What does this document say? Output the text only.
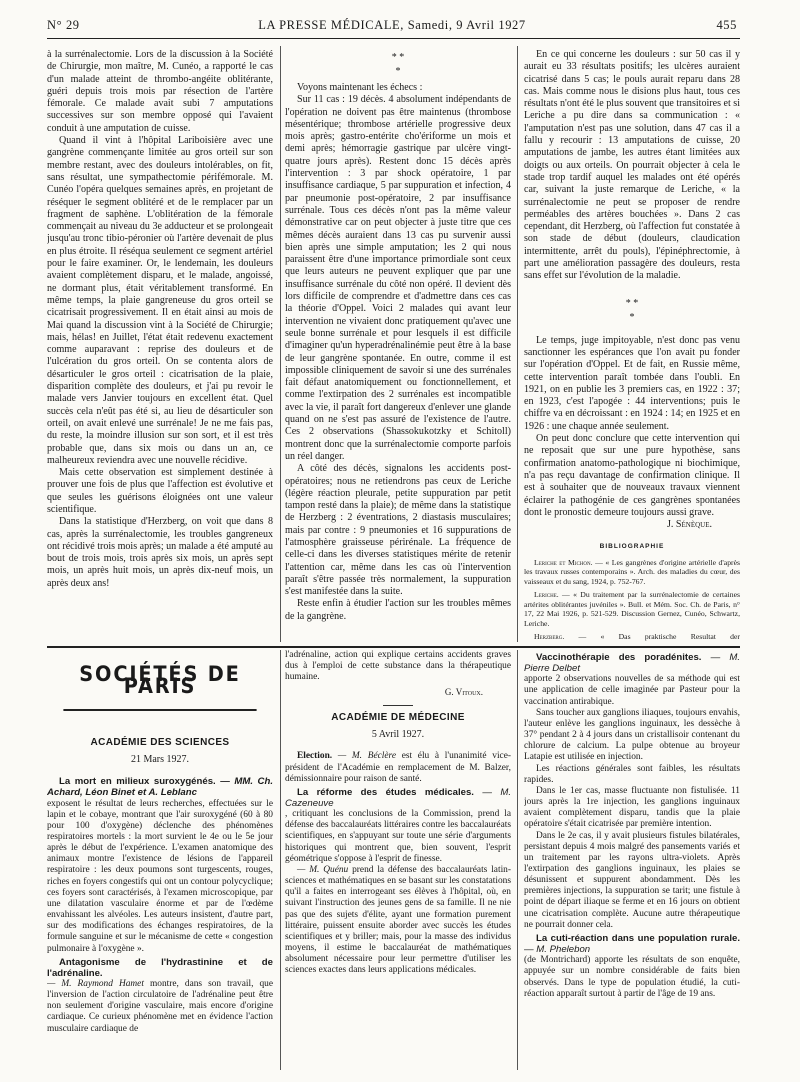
N° 29	LA PRESSE MÉDICALE, Samedi, 9 Avril 1927	455

à la surrénalectomie. Lors de la discussion à la Société de Chirurgie, mon maître, M. Cunéo, a rapporté le cas d'un malade atteint de thrombo-angéite oblitérante, guéri depuis trois mois par résection de l'artère fémorale. Ce malade avait subi 7 amputations successives sur son membre opposé qui l'avaient conduit à une amputation de cuisse.

Quand il vint à l'hôpital Lariboisière avec une gangrène commençante limitée au gros orteil sur son membre restant, avec des douleurs intolérables, on fit, sans résultat, une sympathectomie périfémorale. M. Cunéo l'opéra quelques semaines après, en projetant de réséquer le segment oblitéré et de le remplacer par un fragment de saphène. L'oblitération de la fémorale commençait au niveau du 3e adducteur et se prolongeait jusqu'au tronc tibio-péronier où l'artère devenait de plus en plus étroite. Il réséqua seulement ce segment artériel pour le faire examiner. Or, le lendemain, les douleurs avaient complètement disparu, et le malade, angoissé, ne dormant plus, était véritablement transformé. En même temps, la plaie gangreneuse du gros orteil se cicatrisait progressivement. Il en était ainsi au mois de Mai quand la discussion vint à la Société de Chirurgie; mais, hélas! en Juillet, l'état était redevenu exactement comme auparavant : reprise des douleurs et de l'ulcération du gros orteil. On se contenta alors de désarticuler le gros orteil : cicatrisation de la plaie, disparition complète des douleurs, et j'ai pu revoir le malade vers Janvier toujours en excellent état. Quel succès cela n'eût pas été si, au lieu de désarticuler son orteil, on avait enlevé une surrénale! Je ne me fais pas, du reste, la moindre illusion sur son sort, et il est très probable que, dans six mois ou dans un an, ce malheureux reviendra avec une nouvelle récidive.

Mais cette observation est simplement destinée à prouver une fois de plus que l'affection est évolutive et que seules les guérisons éloignées ont une valeur scientifique.

Dans la statistique d'Herzberg, on voit que dans 8 cas, après la surrénalectomie, les troubles gangreneux ont récidivé trois mois après; un malade a été amputé au bout de trois mois, trois après six mois, un après sept mois, un après huit mois, un après dix-neuf mois, un après deux ans!

* *
*

Voyons maintenant les échecs :

Sur 11 cas : 19 décès. 4 absolument indépendants de l'opération ne doivent pas être maintenus (thrombose mésentérique; thrombose artérielle progressive deux mois après; gastro-entérite cho'ériforme un mois et demi après; hémorragie gastrique par ulcère vingt-quatre jours après). Restent donc 15 décès après l'intervention : 3 par shock opératoire, 1 par insuffisance cardiaque, 5 par suppuration et infection, 4 par pneumonie post-opératoire, 2 par insuffisance surrénale. Tous ces décès n'ont pas la même valeur démonstrative car on peut objecter à juste titre que ces mêmes décès auraient dans 13 cas pu survenir aussi bien après une simple amputation; les 2 qui nous paraissent être d'une importance primordiale sont ceux que leurs auteurs ne peuvent expliquer que par une insuffisance surrénale du côté non opéré. Il devient dès lors difficile de comprendre et d'admettre dans ces cas la théorie d'Oppel. Voici 2 malades qui avant leur intervention ne vivaient donc pratiquement qu'avec une seule bonne surrénale et pour lesquels il est difficile d'imaginer qu'un hyperadrénalinémie peut être à la base de leur gangrène spontanée. En outre, comme il est impossible cliniquement de savoir si une des surrénales fait défaut anatomiquement ou fonctionnellement, et comme l'extirpation des 2 surrénales est incompatible avec la vie, il paraît fort dangereux d'enlever une glande quand on ne s'est pas assuré de l'existence de l'autre. Ces 2 observations (Shassokukotzky et Schitoll) montrent donc que la surrénalectomie comporte parfois un réel danger.

A côté des décès, signalons les accidents post-opératoires; nous ne retiendrons pas ceux de Leriche (légère réaction pleurale, petite suppuration par petit tampon resté dans la plaie); de même dans la statistique de Herzberg : 2 éventrations, 2 diastasis musculaires; mais par contre : 9 pneumonies et 16 suppurations de l'atmosphère graisseuse périrénale. La fréquence de celle-ci dans les diverses statistiques mérite de retenir l'attention car, même dans les cas où l'intervention paraît s'être passée très normalement, la suppuration s'est manifestée dans la suite.

Reste enfin à étudier l'action sur les troubles mêmes de la gangrène.

En ce qui concerne les douleurs : sur 50 cas il y aurait eu 33 résultats positifs; les ulcères auraient cicatrisé dans 5 cas; le pouls aurait reparu dans 28 cas. Mais comme nous le disions plus haut, tous ces résultats n'ont été le plus souvent que transitoires et si Leriche a pu dire dans sa communication : « l'amputation n'est pas une solution, dans 47 cas il a fallu y recourir : 13 amputations de cuisse, 20 amputations de jambe, les autres étant limitées aux doigts ou aux orteils. On pourrait objecter à cela le stade trop tardif auquel les malades ont été opérés car, suivant la juste remarque de Leriche, « la surrénalectomie ne peut se proposer de rendre perméables des artères bouchées ». Dans 2 cas cependant, dit Herzberg, où l'affection fut constatée à son stade de début (douleurs, claudication intermittente, arrêt du pouls), l'épinéphrectomie, à part une amélioration passagère des douleurs, resta sans effet sur l'évolution de la maladie.

* *
*

Le temps, juge impitoyable, n'est donc pas venu sanctionner les espérances que l'on avait pu fonder sur l'opération d'Oppel. Et de fait, en Russie même, cette intervention paraît tombée dans l'oubli. En 1921, on en publie les 3 premiers cas, en 1922 : 37; en 1923, c'est l'apogée : 44 interventions; puis le chiffre va en décroissant : en 1924 : 14; en 1925 et en 1926 : une chaque année seulement.

On peut donc conclure que cette intervention qui ne reposait que sur une pure hypothèse, sans confirmation anatomo-pathologique ni biochimique, n'a pas reçu davantage de confirmation clinique. Il est à souhaiter que de nouveaux travaux viennent éclairer la pathogénie de ces gangrènes spontanées dont le pronostic demeure toujours aussi grave.

J. Sénèque.
BIBLIOGRAPHIE
Leriche et Michon. — « Les gangrènes d'origine artérielle d'après les travaux russes contemporains ». Arch. des maladies du cœur, des vaisseaux et du sang, 1924, p. 752-767.
Leriche. — « Du traitement par la surrénalectomie de certaines artérites oblitérantes juvéniles ». Bull. et Mém. Soc. Ch. de Paris, n° 17, 22 Mai 1926, p. 521-529. Discussion Gernez, Cunéo, Schwartz, Leriche.
Herzberg. — « Das praktische Resultat der
SOCIÉTÉS DE PARIS
ACADÉMIE DES SCIENCES
21 Mars 1927.

La mort en milieux suroxygénés. — MM. Ch. Achard, Léon Binet et A. Leblanc

exposent le résultat de leurs recherches, effectuées sur le lapin et le cobaye, montrant que l'air suroxygéné (60 à 80 pour 100 d'oxygène) déclenche des phénomènes respiratoires mortels : la mort survient le 4e ou le 5e jour après le début de l'expérience. L'examen anatomique des animaux montre l'existence de lésions de l'appareil respiratoire : les deux poumons sont turgescents, rouges, riches en foyers congestifs qui ont un contour polycyclique; ces foyers sont caractérisés, à l'examen microscopique, par une dilatation vasculaire énorme et par de l'œdème envahissant les alvéoles. Les auteurs insistent, d'autre part, sur des modifications des échanges respiratoires, de la formule sanguine et sur le mécanisme de cette « congestion pulmonaire à l'oxygène ».

Antagonisme de l'hydrastinine et de l'adrénaline.

— M. Raymond Hamet montre, dans son travail, que l'inversion de l'action circulatoire de l'adrénaline peut être non seulement d'origine vasculaire, mais encore d'origine cardiaque. Ce curieux phénomène met en évidence l'action musculaire cardiaque de

l'adrénaline, action qui explique certains accidents graves dus à l'emploi de cette substance dans la thérapeutique humaine.

G. Vitoux.
ACADÉMIE DE MÉDECINE
5 Avril 1927.

Election. — M. Béclère est élu à l'unanimité vice-président de l'Académie en remplacement de M. Balzer, démissionnaire pour raison de santé.

La réforme des études médicales. — M. Cazeneuve

, critiquant les conclusions de la Commission, prend la défense des baccalauréats littéraires contre les baccalauréats scientifiques, en s'appuyant sur toute une série d'arguments historiques qui montrent que, bien souvent, l'esprit géométrique s'oppose à l'esprit de finesse.

— M. Quénu prend la défense des baccalauréats latin-sciences et mathématiques en se basant sur les constatations qu'il a faites en interrogeant ses élèves à l'hôpital, où, en suivant l'instruction des jeunes gens de sa famille. Il ne nie pas que des sujets d'élite, ayant une formation purement littéraire, puissent ensuite aborder avec succès les études scientifiques et y briller; mais, pour la masse des individus moyens, il estime le baccalauréat de mathématiques absolument nécessaire pour leur permettre d'utiliser les sciences exactes dans leurs applications médicales.

Vaccinothérapie des poradénites. — M. Pierre Delbet

apporte 2 observations nouvelles de sa méthode qui est une application de celle imaginée par Pasteur pour la vaccination antirabique.

Sans toucher aux ganglions iliaques, toujours envahis, l'auteur enlève les ganglions inguinaux, les dessèche à 37° pendant 2 à 4 jours dans un cristallisoir contenant du chlorure de calcium. La pulpe obtenue au broyeur Latapie est utilisée en injection.

Les réactions générales sont faibles, les résultats rapides.

Dans le 1er cas, masse fluctuante non fistulisée. 11 jours après la 1re injection, les ganglions inguinaux avaient complètement disparu, tandis que la plaie opératoire s'était cicatrisée par première intention.

Dans le 2e cas, il y avait plusieurs fistules bilatérales, persistant depuis 4 mois malgré des pansements variés et un traitement par les rayons ultra-violets. Après l'extirpation des ganglions inguinaux, les plaies se désunissent et suppurent abondamment. Dès les premières injections, la suppuration se tarit; une fistule à point de départ iliaque se ferme et en 16 jours on obtient une cicatrisation complète. Aucune autre thérapeutique ne pourrait donner cela.

La cuti-réaction dans une population rurale. — M. Phelebon

(de Montrichard) apporte les résultats de son enquête, appuyée sur un nombre considérable de faits bien observés. Dans le type de population étudié, la cuti-réaction apparaît surtout à partir de l'âge de 19 ans.
